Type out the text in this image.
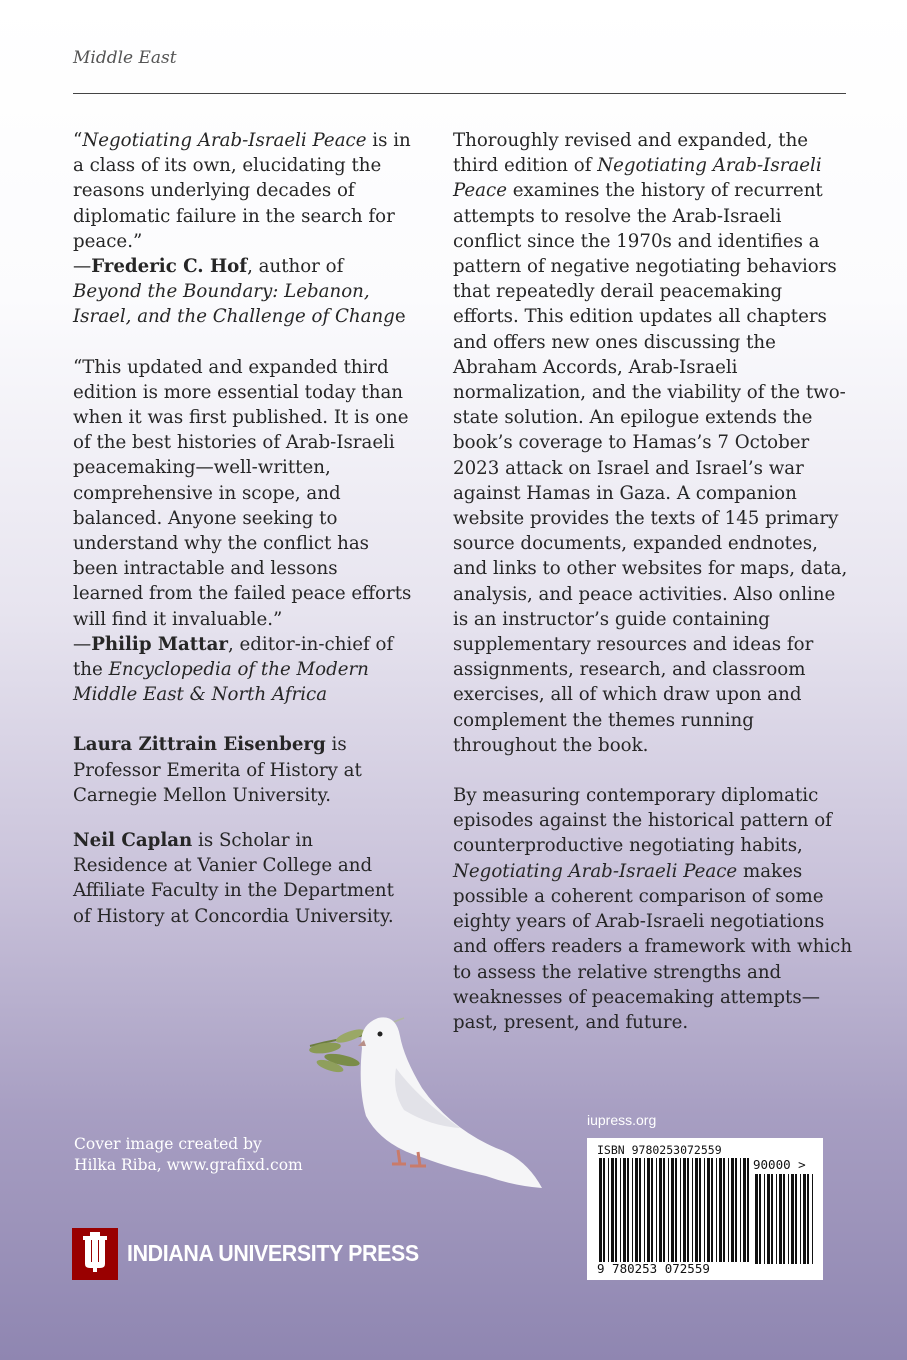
Middle East

“Negotiating Arab-Israeli Peace is in a class of its own, elucidating the reasons underlying decades of diplomatic failure in the search for peace.”

—Frederic C. Hof, author of
Beyond the Boundary: Lebanon, Israel, and the Challenge of Change

“This updated and expanded third edition is more essential today than when it was first published. It is one of the best histories of Arab-Israeli peacemaking—well-written, comprehensive in scope, and balanced. Anyone seeking to understand why the conflict has been intractable and lessons learned from the failed peace efforts will find it invaluable.”

—Philip Mattar, editor-in-chief of the Encyclopedia of the Modern Middle East & North Africa

Laura Zittrain Eisenberg is Professor Emerita of History at Carnegie Mellon University.

Neil Caplan is Scholar in Residence at Vanier College and Affiliate Faculty in the Department of History at Concordia University.

Thoroughly revised and expanded, the third edition of Negotiating Arab-Israeli Peace examines the history of recurrent attempts to resolve the Arab-Israeli conflict since the 1970s and identifies a pattern of negative negotiating behaviors that repeatedly derail peacemaking efforts. This edition updates all chapters and offers new ones discussing the Abraham Accords, Arab-Israeli normalization, and the viability of the two-state solution. An epilogue extends the book’s coverage to Hamas’s 7 October 2023 attack on Israel and Israel’s war against Hamas in Gaza. A companion website provides the texts of 145 primary source documents, expanded endnotes, and links to other websites for maps, data, analysis, and peace activities. Also online is an instructor’s guide containing supplementary resources and ideas for assignments, research, and classroom exercises, all of which draw upon and complement the themes running throughout the book.

By measuring contemporary diplomatic episodes against the historical pattern of counterproductive negotiating habits,
Negotiating Arab-Israeli Peace makes possible a coherent comparison of some eighty years of Arab-Israeli negotiations and offers readers a framework with which to assess the relative strengths and weaknesses of peacemaking attempts—past, present, and future.

Cover image created by
Hilka Riba, www.grafixd.com
iupress.org
ISBN 9780253072559
90000 >
9 780253 072559
INDIANA UNIVERSITY PRESS
